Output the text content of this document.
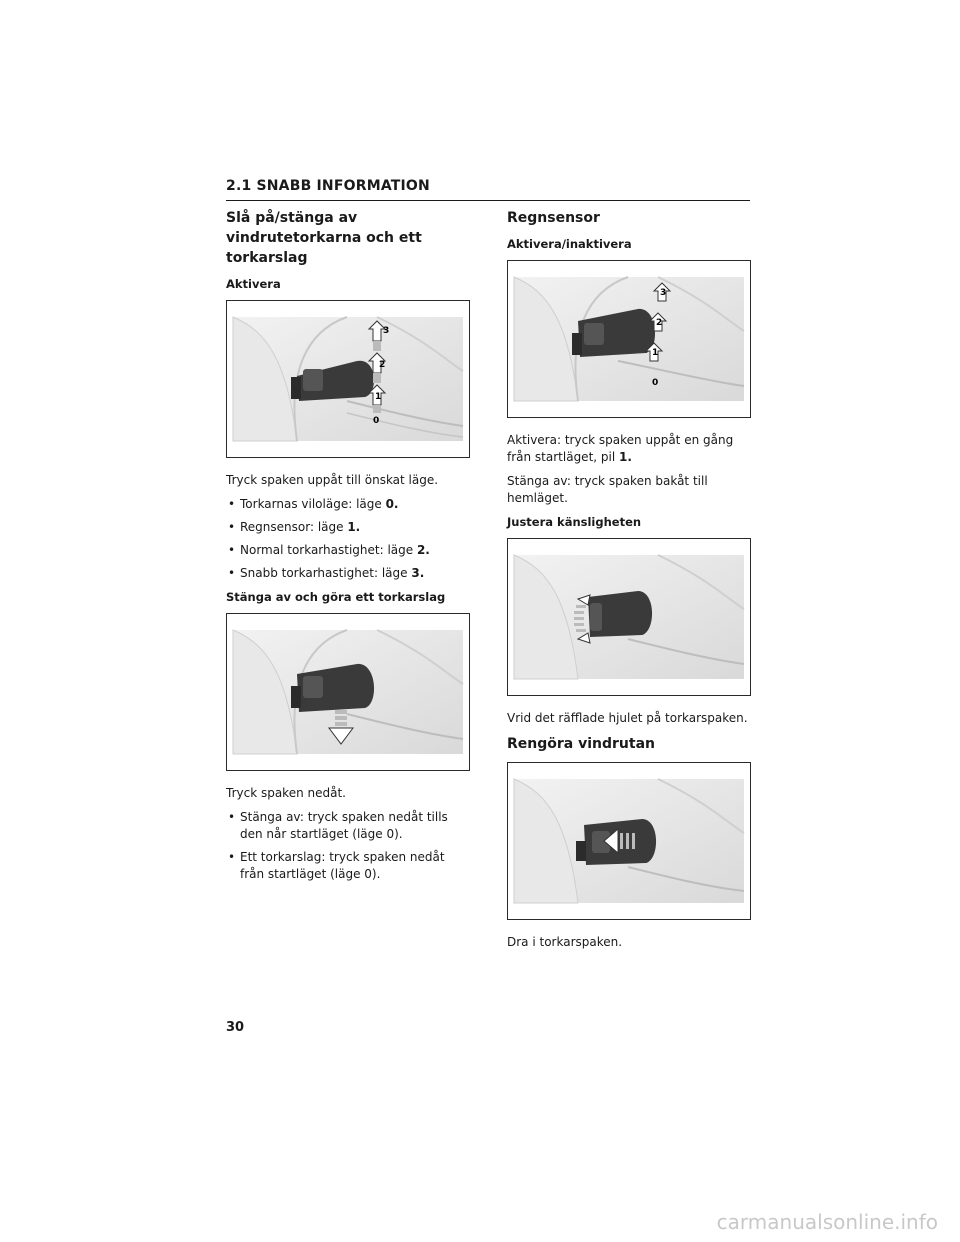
2.1 SNABB INFORMATION
Slå på/stänga av vindrutetorkarna och ett torkarslag
Aktivera
3
2
1
0

Tryck spaken uppåt till önskat läge.

• Torkarnas viloläge: läge 0.
• Regnsensor: läge 1.
• Normal torkarhastighet: läge 2.
• Snabb torkarhastighet: läge 3.
Stänga av och göra ett torkarslag

Tryck spaken nedåt.

• Stänga av: tryck spaken nedåt tills den når startläget (läge 0).
• Ett torkarslag: tryck spaken nedåt från startläget (läge 0).
Regnsensor
Aktivera/inaktivera
3
2
1
0

Aktivera: tryck spaken uppåt en gång från startläget, pil 1.

Stänga av: tryck spaken bakåt till hemläget.

Justera känsligheten

Vrid det räfflade hjulet på torkarspaken.

Rengöra vindrutan

Dra i torkarspaken.

30
carmanualsonline.info
